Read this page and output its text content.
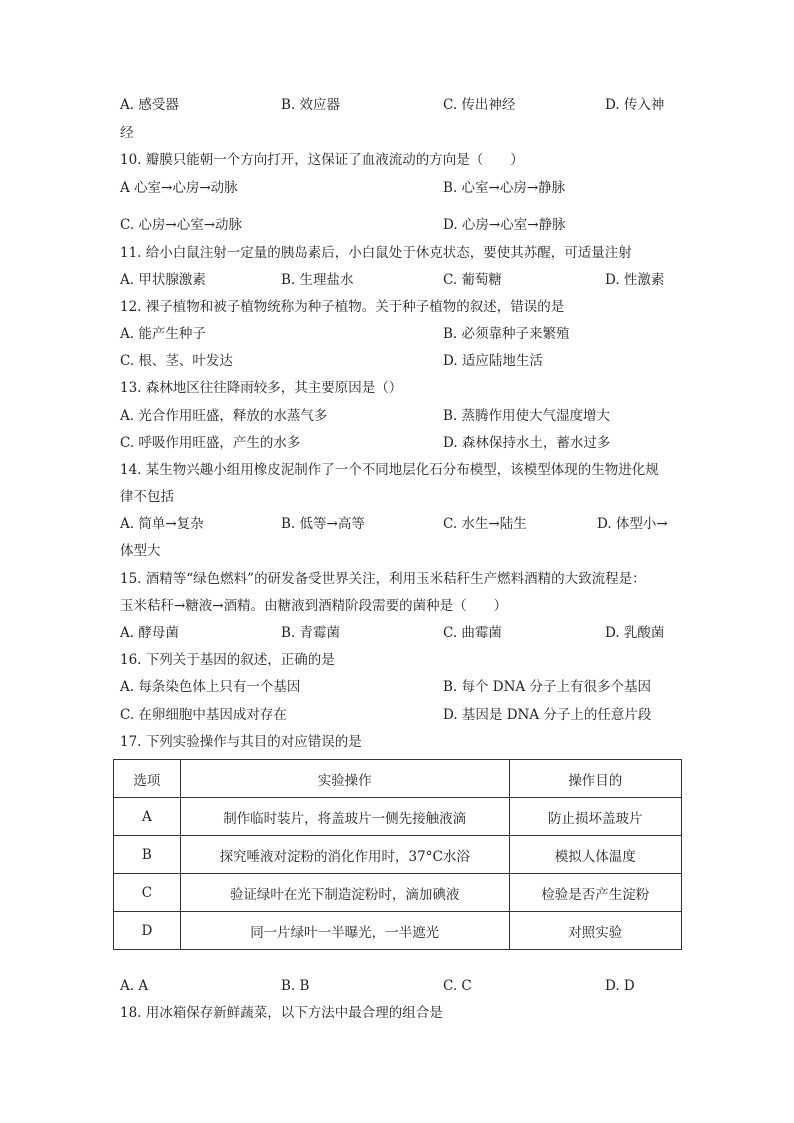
A. 感受器	B. 效应器	C. 传出神经	D. 传入神
经
10. 瓣膜只能朝一个方向打开，这保证了血液流动的方向是（　　）
A 心室→心房→动脉	B. 心室→心房→静脉
C. 心房→心室→动脉	D. 心房→心室→静脉
11. 给小白鼠注射一定量的胰岛素后，小白鼠处于休克状态，要使其苏醒，可适量注射
A. 甲状腺激素	B. 生理盐水	C. 葡萄糖	D. 性激素
12. 裸子植物和被子植物统称为种子植物。关于种子植物的叙述，错误的是
A. 能产生种子	B. 必须靠种子来繁殖
C. 根、茎、叶发达	D. 适应陆地生活
13. 森林地区往往降雨较多，其主要原因是（）
A. 光合作用旺盛，释放的水蒸气多	B. 蒸腾作用使大气湿度增大
C. 呼吸作用旺盛，产生的水多	D. 森林保持水土，蓄水过多
14. 某生物兴趣小组用橡皮泥制作了一个不同地层化石分布模型，该模型体现的生物进化规
律不包括
A. 简单→复杂	B. 低等→高等	C. 水生→陆生	D. 体型小→
体型大
15. 酒精等“绿色燃料”的研发备受世界关注，利用玉米秸秆生产燃料酒精的大致流程是：
玉米秸秆→糖液→酒精。由糖液到酒精阶段需要的菌种是（　　）
A. 酵母菌	B. 青霉菌	C. 曲霉菌	D. 乳酸菌
16. 下列关于基因的叙述，正确的是
A. 每条染色体上只有一个基因	B. 每个 DNA 分子上有很多个基因
C. 在卵细胞中基因成对存在	D. 基因是 DNA 分子上的任意片段
17. 下列实验操作与其目的对应错误的是
选项	实验操作	操作目的
A	制作临时装片，将盖玻片一侧先接触液滴	防止损坏盖玻片
B	探究唾液对淀粉的消化作用时，37°C水浴	模拟人体温度
C	验证绿叶在光下制造淀粉时，滴加碘液	检验是否产生淀粉
D	同一片绿叶一半曝光，一半遮光	对照实验
A. A	B. B	C. C	D. D
18. 用冰箱保存新鲜蔬菜，以下方法中最合理的组合是
